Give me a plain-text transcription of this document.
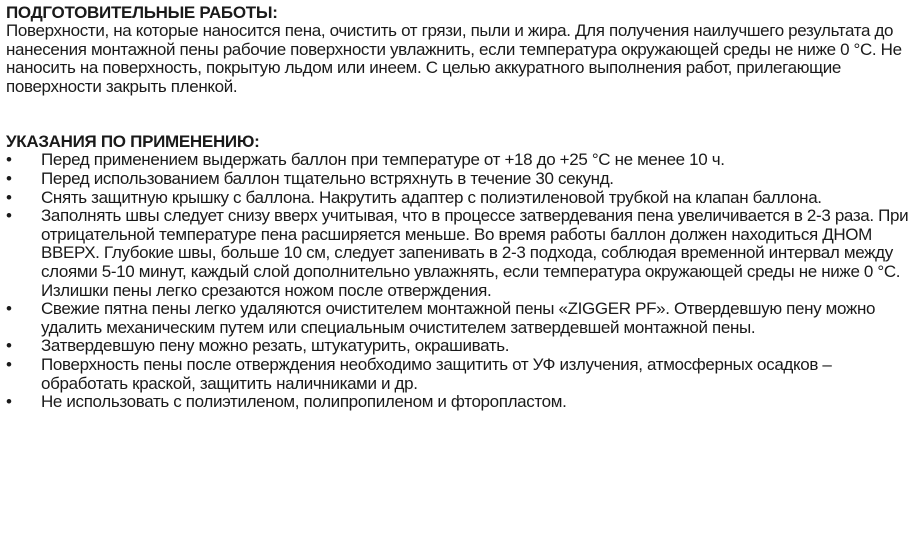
ПОДГОТОВИТЕЛЬНЫЕ РАБОТЫ:

Поверхности, на которые наносится пена, очистить от грязи, пыли и жира. Для получения наилучшего результата до нанесения монтажной пены рабочие поверхности увлажнить, если температура окружающей среды не ниже 0 °С. Не наносить на поверхность, покрытую льдом или инеем. С целью аккуратного выполнения работ, прилегающие поверхности закрыть пленкой.

УКАЗАНИЯ ПО ПРИМЕНЕНИЮ:
•	Перед применением выдержать баллон при температуре от +18 до +25 °С не менее 10 ч.
•	Перед использованием баллон тщательно встряхнуть в течение 30 секунд.
•	Снять защитную крышку с баллона. Накрутить адаптер с полиэтиленовой трубкой на клапан баллона.
•	Заполнять швы следует снизу вверх учитывая, что в процессе затвердевания пена увеличивается в 2-3 раза. При отрицательной температуре пена расширяется меньше. Во время работы баллон должен находиться ДНОМ ВВЕРХ. Глубокие швы, больше 10 см, следует запенивать в 2-3 подхода, соблюдая временной интервал между слоями 5-10 минут, каждый слой дополнительно увлажнять, если температура окружающей среды не ниже 0 °С. Излишки пены легко срезаются ножом после отверждения.
•	Свежие пятна пены легко удаляются очистителем монтажной пены «ZIGGER PF». Отвердевшую пену можно удалить механическим путем или специальным очистителем затвердевшей монтажной пены.
•	Затвердевшую пену можно резать, штукатурить, окрашивать.
•	Поверхность пены после отверждения необходимо защитить от УФ излучения, атмосферных осадков – обработать краской, защитить наличниками и др.
•	Не использовать с полиэтиленом, полипропиленом и фторопластом.
